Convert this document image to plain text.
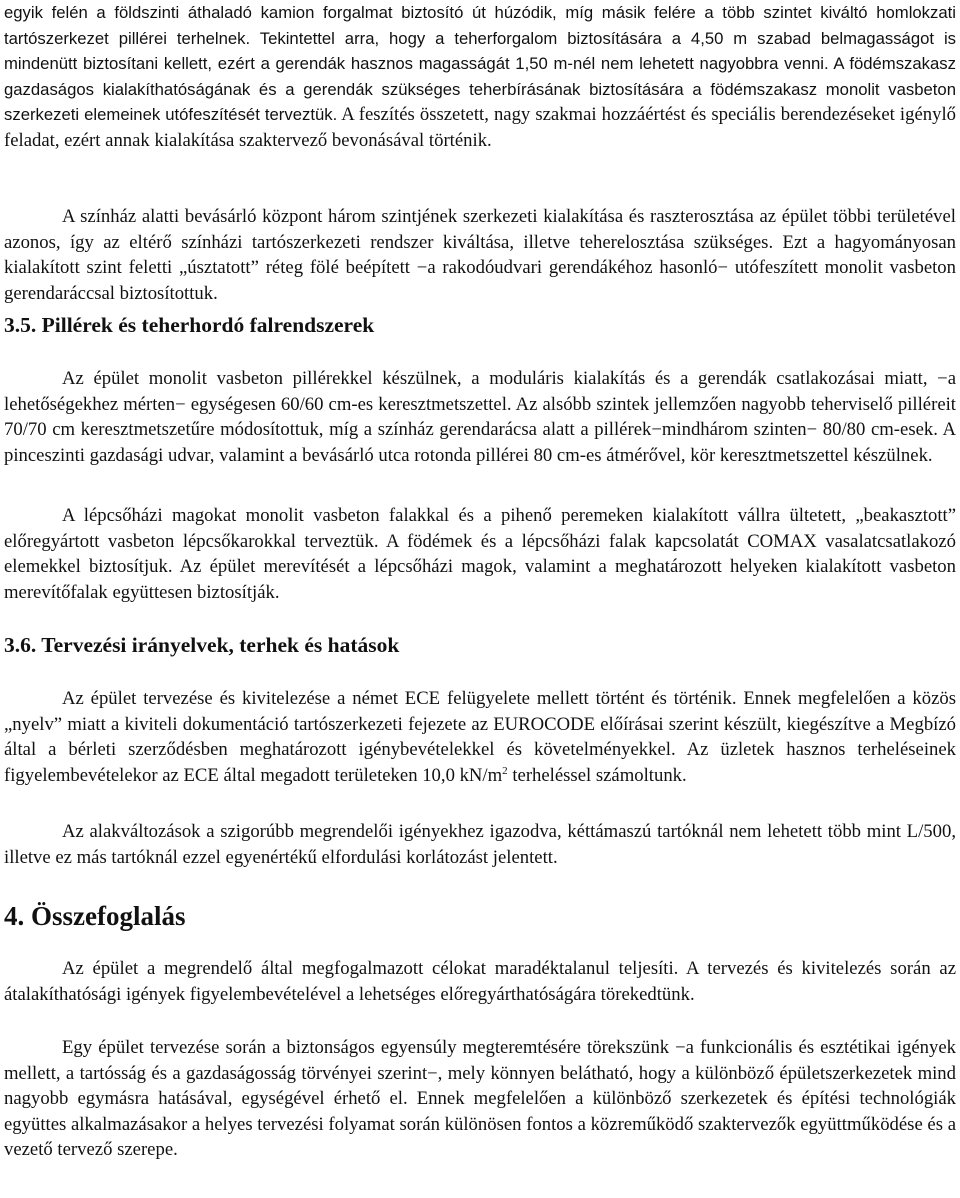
egyik felén a földszinti áthaladó kamion forgalmat biztosító út húzódik, míg másik felére a több szintet kiváltó homlokzati tartószerkezet pillérei terhelnek. Tekintettel arra, hogy a teherforgalom biztosítására a 4,50 m szabad belmagasságot is mindenütt biztosítani kellett, ezért a gerendák hasznos magasságát 1,50 m-nél nem lehetett nagyobbra venni. A födémszakasz gazdaságos kialakíthatóságának és a gerendák szükséges teherbírásának biztosítására a födémszakasz monolit vasbeton szerkezeti elemeinek utófeszítését terveztük. A feszítés összetett, nagy szakmai hozzáértést és speciális berendezéseket igénylő feladat, ezért annak kialakítása szaktervező bevonásával történik.

A színház alatti bevásárló központ három szintjének szerkezeti kialakítása és raszterosztása az épület többi területével azonos, így az eltérő színházi tartószerkezeti rendszer kiváltása, illetve teherelosztása szükséges. Ezt a hagyományosan kialakított szint feletti „úsztatott” réteg fölé beépített −a rakodóudvari gerendákéhoz hasonló− utófeszített monolit vasbeton gerendaráccsal biztosítottuk.

3.5. Pillérek és teherhordó falrendszerek

Az épület monolit vasbeton pillérekkel készülnek, a moduláris kialakítás és a gerendák csatlakozásai miatt, −a lehetőségekhez mérten− egységesen 60/60 cm-es keresztmetszettel. Az alsóbb szintek jellemzően nagyobb teherviselő pilléreit 70/70 cm keresztmetszetűre módosítottuk, míg a színház gerendarácsa alatt a pillérek−mindhárom szinten− 80/80 cm-esek. A pinceszinti gazdasági udvar, valamint a bevásárló utca rotonda pillérei 80 cm-es átmérővel, kör keresztmetszettel készülnek.

A lépcsőházi magokat monolit vasbeton falakkal és a pihenő peremeken kialakított vállra ültetett, „beakasztott” előregyártott vasbeton lépcsőkarokkal terveztük. A födémek és a lépcsőházi falak kapcsolatát COMAX vasalatcsatlakozó elemekkel biztosítjuk. Az épület merevítését a lépcsőházi magok, valamint a meghatározott helyeken kialakított vasbeton merevítőfalak együttesen biztosítják.

3.6. Tervezési irányelvek, terhek és hatások

Az épület tervezése és kivitelezése a német ECE felügyelete mellett történt és történik. Ennek megfelelően a közös „nyelv” miatt a kiviteli dokumentáció tartószerkezeti fejezete az EUROCODE előírásai szerint készült, kiegészítve a Megbízó által a bérleti szerződésben meghatározott igénybevételekkel és követelményekkel. Az üzletek hasznos terheléseinek figyelembevételekor az ECE által megadott területeken 10,0 $kN/m^2$ terheléssel számoltunk.

Az alakváltozások a szigorúbb megrendelői igényekhez igazodva, kéttámaszú tartóknál nem lehetett több mint L/500, illetve ez más tartóknál ezzel egyenértékű elfordulási korlátozást jelentett.

4. Összefoglalás

Az épület a megrendelő által megfogalmazott célokat maradéktalanul teljesíti. A tervezés és kivitelezés során az átalakíthatósági igények figyelembevételével a lehetséges előregyárthatóságára törekedtünk.

Egy épület tervezése során a biztonságos egyensúly megteremtésére törekszünk −a funkcionális és esztétikai igények mellett, a tartósság és a gazdaságosság törvényei szerint−, mely könnyen belátható, hogy a különböző épületszerkezetek mind nagyobb egymásra hatásával, egységével érhető el. Ennek megfelelően a különböző szerkezetek és építési technológiák együttes alkalmazásakor a helyes tervezési folyamat során különösen fontos a közreműködő szaktervezők együttműködése és a vezető tervező szerepe.
